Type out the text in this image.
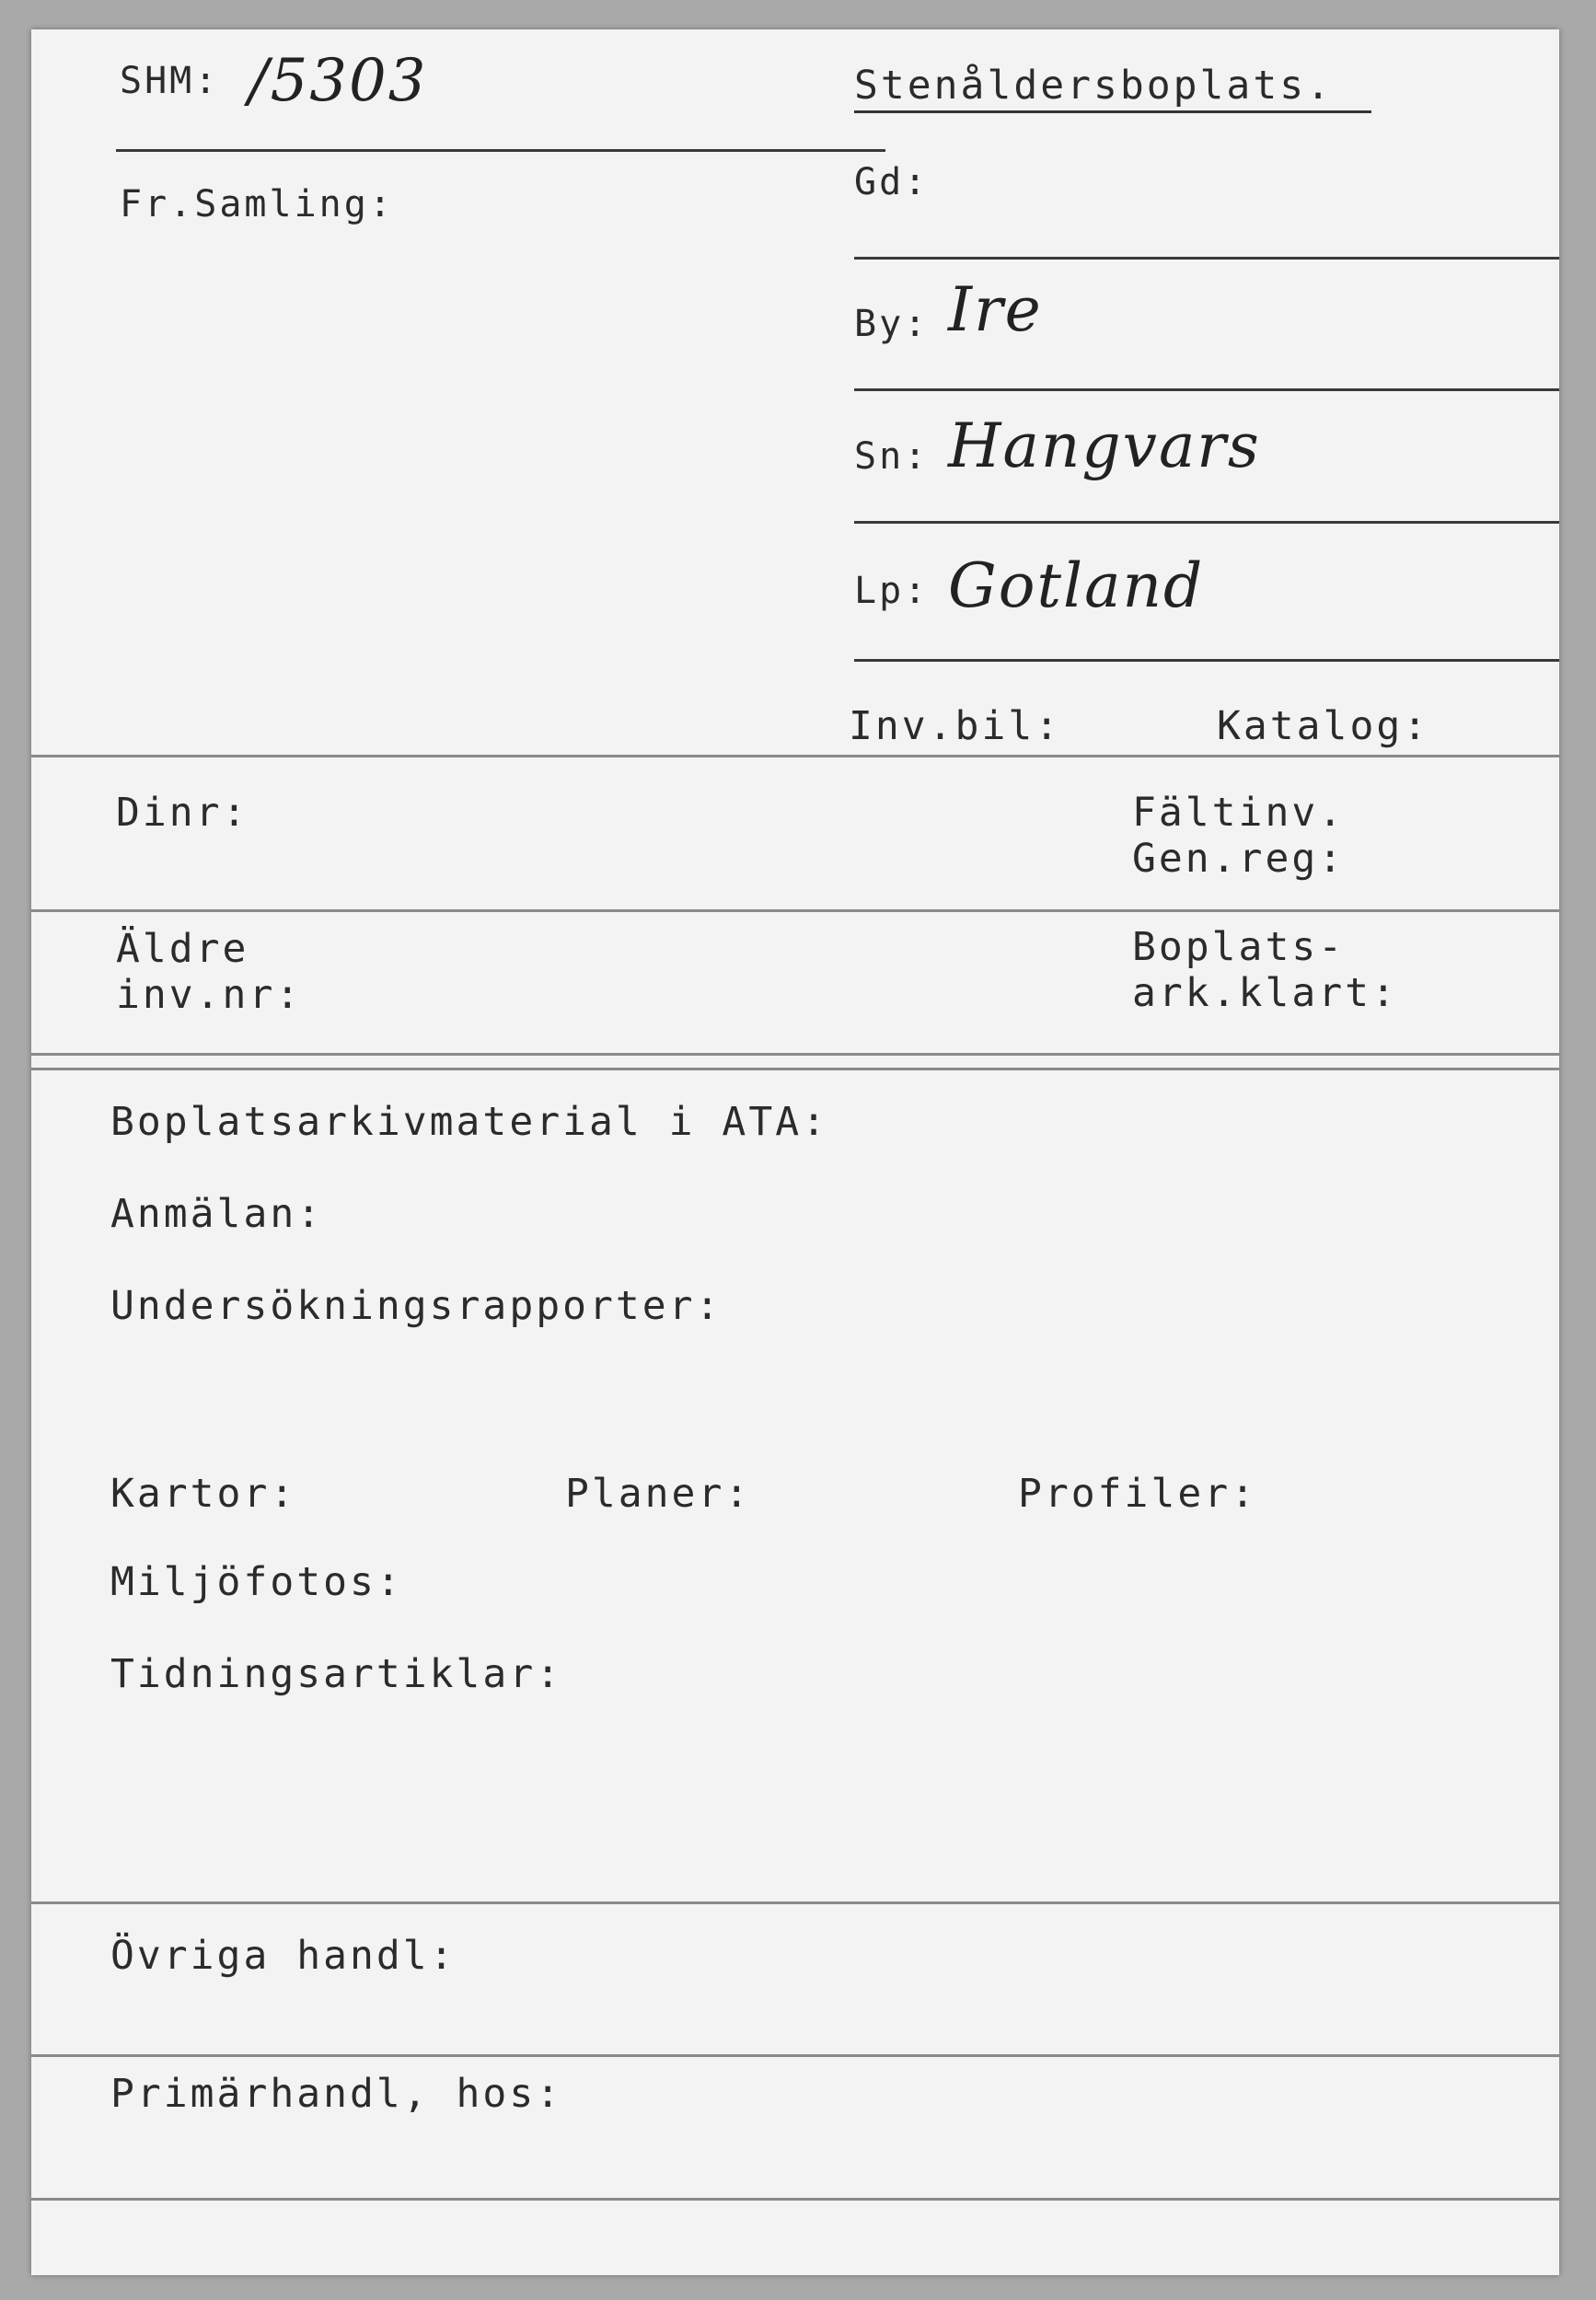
SHM: /5303	Stenåldersboplats.
Fr.Samling:
Gd:
By: Ire
Sn: Hangvars
Lp: Gotland
Inv.bil:	Katalog:
Dinr:	Fältinv.
Gen.reg:
Äldre
inv.nr:
Boplats-
ark.klart:
Boplatsarkivmaterial i ATA:
Anmälan:
Undersökningsrapporter:
Kartor:	Planer:	Profiler:
Miljöfotos:
Tidningsartiklar:
Övriga handl:
Primärhandl, hos:
